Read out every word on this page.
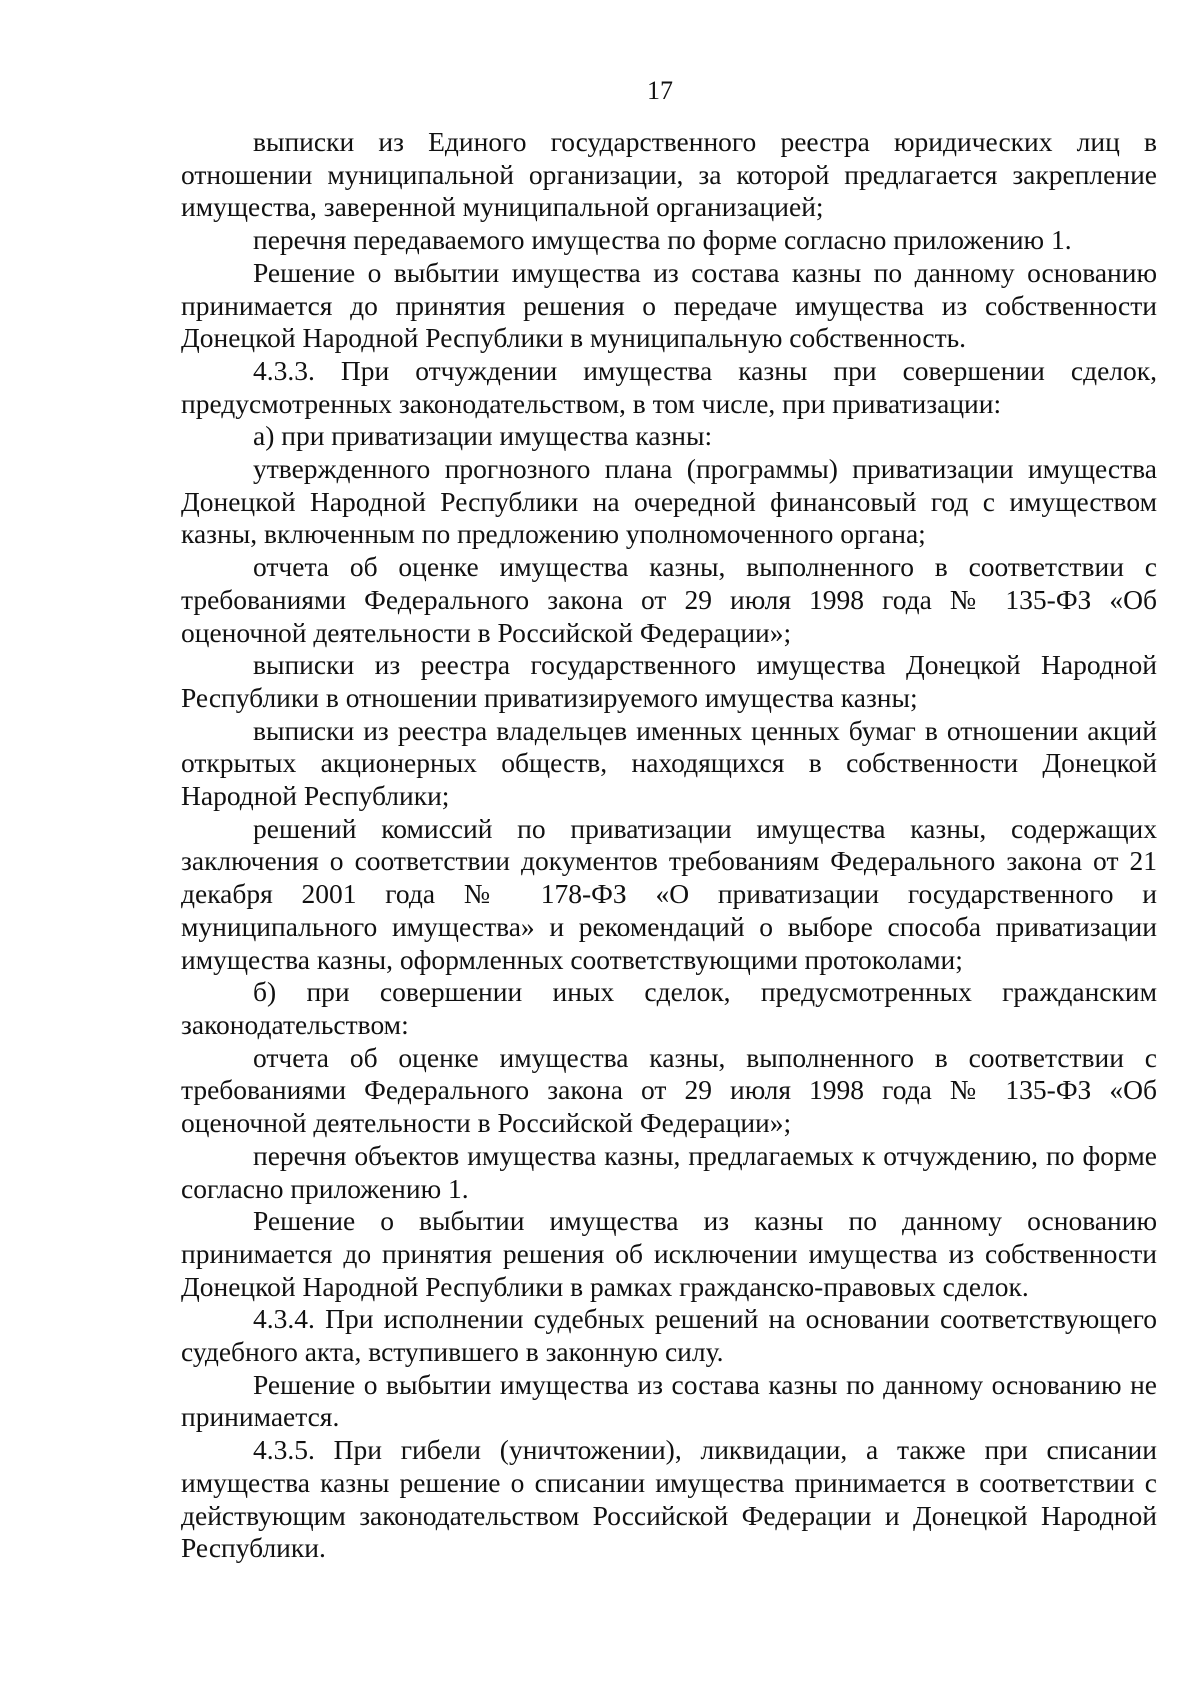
17

выписки из Единого государственного реестра юридических лиц в отношении муниципальной организации, за которой предлагается закрепление имущества, заверенной муниципальной организацией;

перечня передаваемого имущества по форме согласно приложению 1.

Решение о выбытии имущества из состава казны по данному основанию принимается до принятия решения о передаче имущества из собственности Донецкой Народной Республики в муниципальную собственность.

4.3.3. При отчуждении имущества казны при совершении сделок, предусмотренных законодательством, в том числе, при приватизации:

а) при приватизации имущества казны:

утвержденного прогнозного плана (программы) приватизации имущества Донецкой Народной Республики на очередной финансовый год с имуществом казны, включенным по предложению уполномоченного органа;

отчета об оценке имущества казны, выполненного в соответствии с требованиями Федерального закона от 29 июля 1998 года № 135-ФЗ «Об оценочной деятельности в Российской Федерации»;

выписки из реестра государственного имущества Донецкой Народной Республики в отношении приватизируемого имущества казны;

выписки из реестра владельцев именных ценных бумаг в отношении акций открытых акционерных обществ, находящихся в собственности Донецкой Народной Республики;

решений комиссий по приватизации имущества казны, содержащих заключения о соответствии документов требованиям Федерального закона от 21 декабря 2001 года № 178-ФЗ «О приватизации государственного и муниципального имущества» и рекомендаций о выборе способа приватизации имущества казны, оформленных соответствующими протоколами;

б) при совершении иных сделок, предусмотренных гражданским законодательством:

отчета об оценке имущества казны, выполненного в соответствии с требованиями Федерального закона от 29 июля 1998 года № 135-ФЗ «Об оценочной деятельности в Российской Федерации»;

перечня объектов имущества казны, предлагаемых к отчуждению, по форме согласно приложению 1.

Решение о выбытии имущества из казны по данному основанию принимается до принятия решения об исключении имущества из собственности Донецкой Народной Республики в рамках гражданско-правовых сделок.

4.3.4. При исполнении судебных решений на основании соответствующего судебного акта, вступившего в законную силу.

Решение о выбытии имущества из состава казны по данному основанию не принимается.

4.3.5. При гибели (уничтожении), ликвидации, а также при списании имущества казны решение о списании имущества принимается в соответствии с действующим законодательством Российской Федерации и Донецкой Народной Республики.
